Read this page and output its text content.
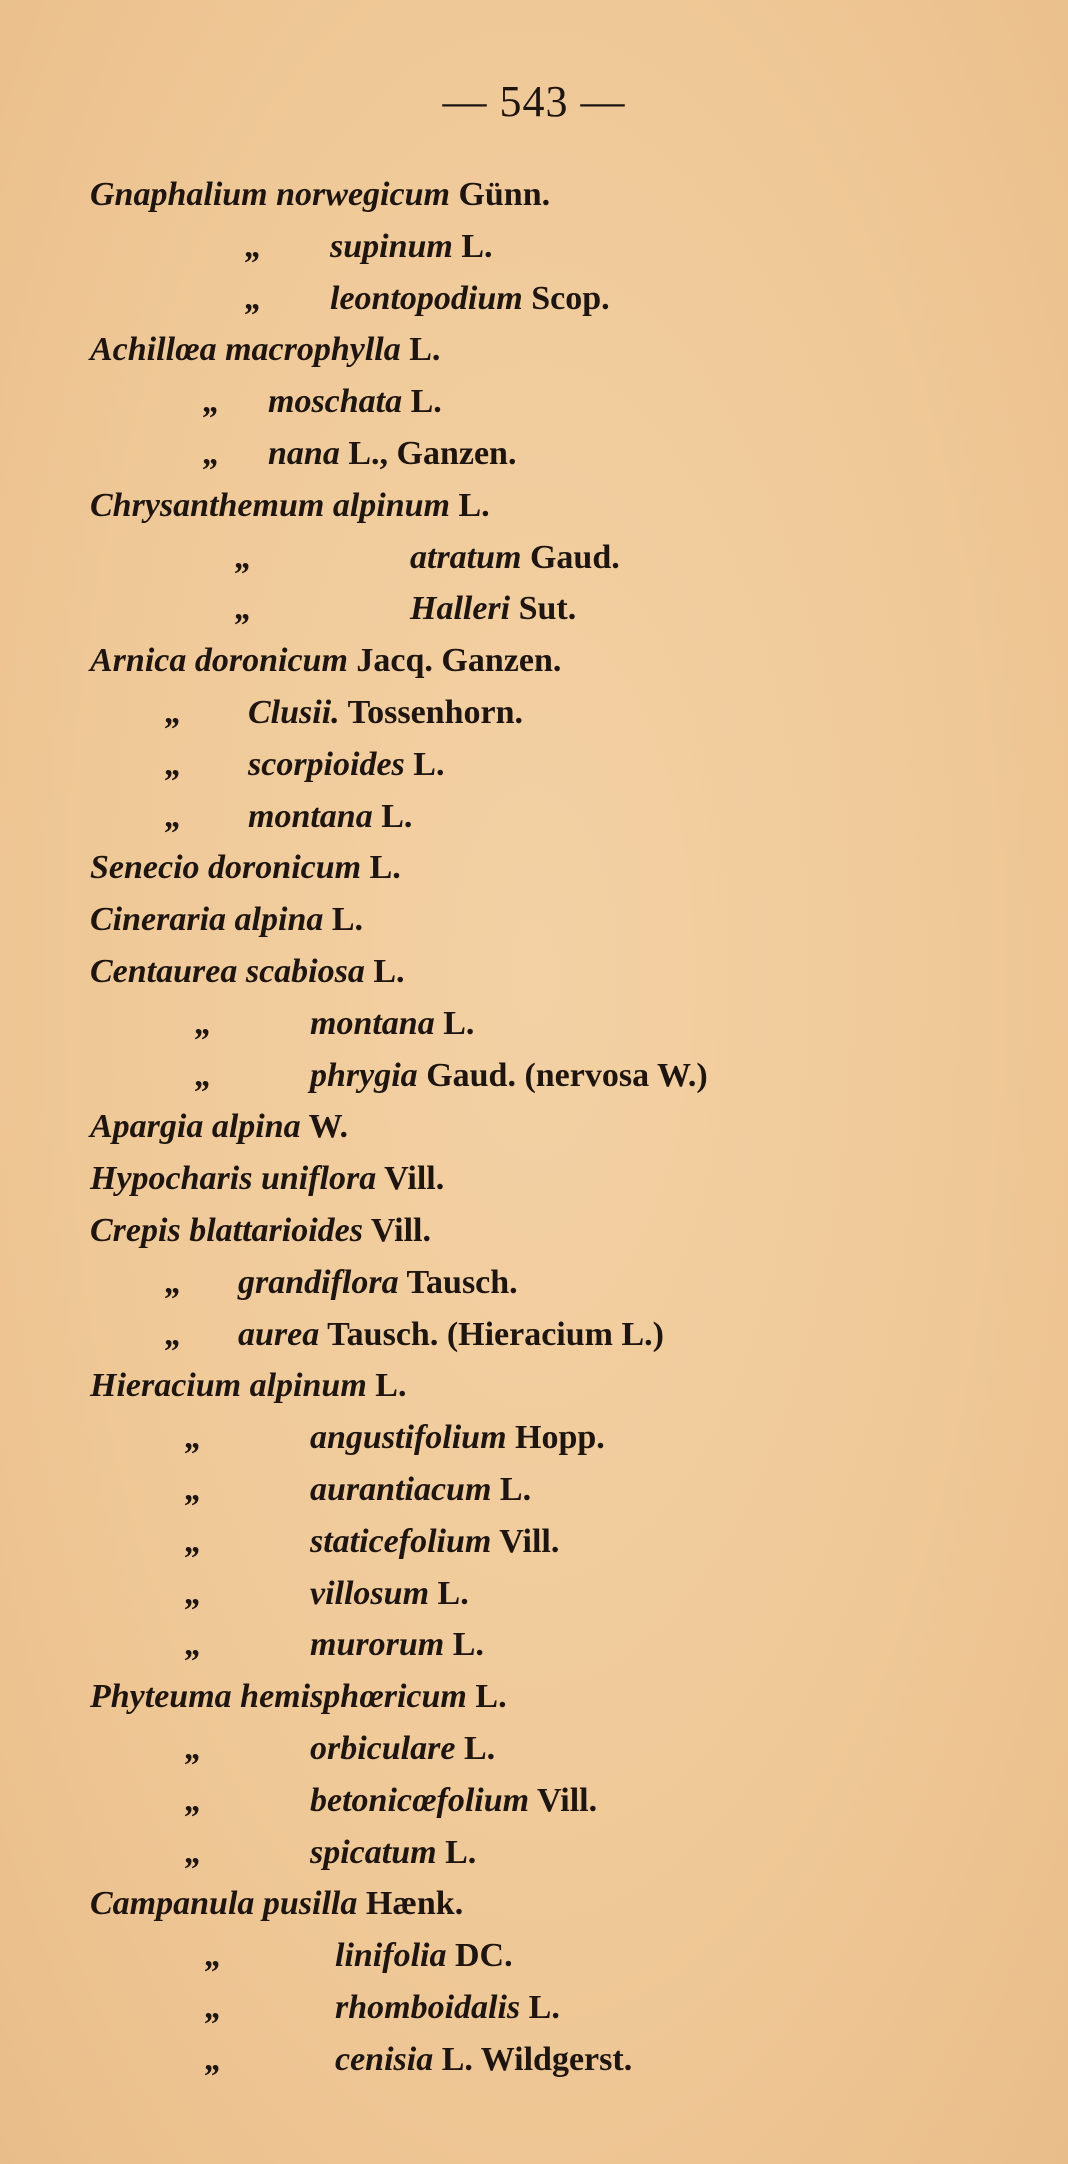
— 543 —
Gnaphalium norwegicum Günn.
„ supinum L.
„ leontopodium Scop.
Achillœa macrophylla L.
„ moschata L.
„ nana L., Ganzen.
Chrysanthemum alpinum L.
„	atratum Gaud.
„	Halleri Sut.
Arnica doronicum Jacq. Ganzen.
„ Clusii. Tossenhorn.
„ scorpioides L.
„ montana L.
Senecio doronicum L.
Cineraria alpina L.
Centaurea scabiosa L.
„	montana L.
„	phrygia Gaud. (nervosa W.)
Apargia alpina W.
Hypocharis uniflora Vill.
Crepis blattarioides Vill.
„ grandiflora Tausch.
„ aurea Tausch. (Hieracium L.)
Hieracium alpinum L.
„	angustifolium Hopp.
„	aurantiacum L.
„	staticefolium Vill.
„	villosum L.
„	murorum L.
Phyteuma hemisphœricum L.
„	orbiculare L.
„	betonicœfolium Vill.
„	spicatum L.
Campanula pusilla Hænk.
„	linifolia DC.
„	rhomboidalis L.
„	cenisia L. Wildgerst.
